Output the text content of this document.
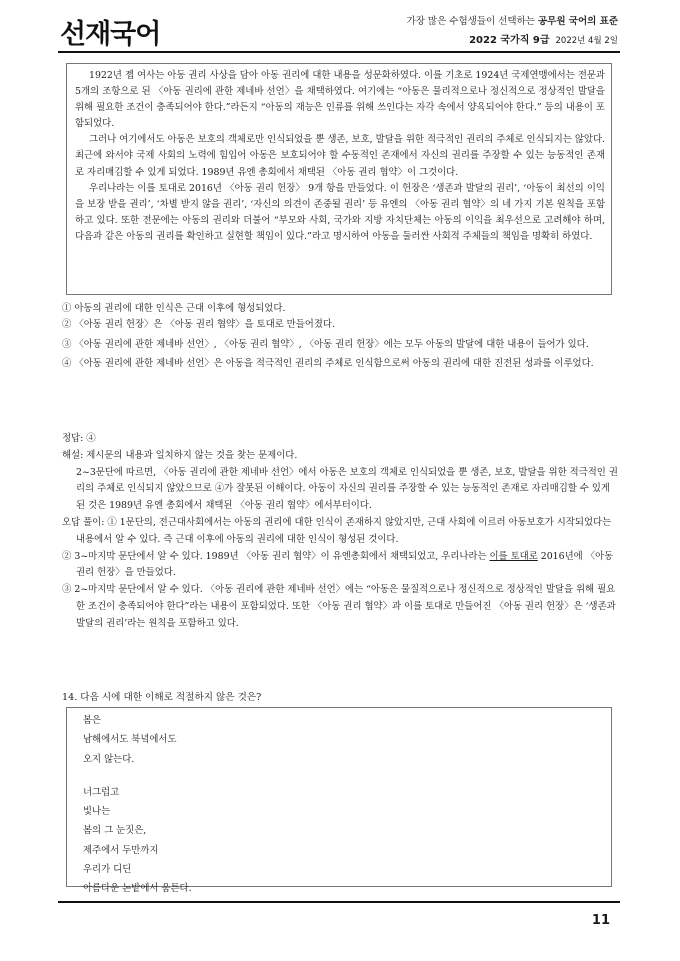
선재국어	가장 많은 수험생들이 선택하는 공무원 국어의 표준
2022 국가직 9급 2022년 4월 2일

1922년 젭 여사는 아동 권리 사상을 담아 아동 권리에 대한 내용을 성문화하였다. 이를 기초로 1924년 국제연맹에서는 전문과 5개의 조항으로 된 〈아동 권리에 관한 제네바 선언〉을 채택하였다. 여기에는 “아동은 물리적으로나 정신적으로 정상적인 발달을 위해 필요한 조건이 충족되어야 한다.”라든지 “아동의 재능은 인류를 위해 쓰인다는 자각 속에서 양육되어야 한다.” 등의 내용이 포함되었다.

그러나 여기에서도 아동은 보호의 객체로만 인식되었을 뿐 생존, 보호, 발달을 위한 적극적인 권리의 주체로 인식되지는 않았다. 최근에 와서야 국제 사회의 노력에 힘입어 아동은 보호되어야 할 수동적인 존재에서 자신의 권리를 주장할 수 있는 능동적인 존재로 자리매김할 수 있게 되었다. 1989년 유엔 총회에서 채택된 〈아동 권리 협약〉이 그것이다.

우리나라는 이를 토대로 2016년 〈아동 권리 헌장〉 9개 항을 만들었다. 이 헌장은 ‘생존과 발달의 권리’, ‘아동이 최선의 이익을 보장 받을 권리’, ‘차별 받지 않을 권리’, ‘자신의 의견이 존중될 권리’ 등 유엔의 〈아동 권리 협약〉의 네 가지 기본 원칙을 포함하고 있다. 또한 전문에는 아동의 권리와 더불어 “부모와 사회, 국가와 지방 자치단체는 아동의 이익을 최우선으로 고려해야 하며, 다음과 같은 아동의 권리를 확인하고 실현할 책임이 있다.”라고 명시하여 아동을 둘러싼 사회적 주체들의 책임을 명확히 하였다.

① 아동의 권리에 대한 인식은 근대 이후에 형성되었다.

② 〈아동 권리 헌장〉은 〈아동 권리 협약〉을 토대로 만들어졌다.

③ 〈아동 권리에 관한 제네바 선언〉, 〈아동 권리 협약〉, 〈아동 권리 헌장〉에는 모두 아동의 발달에 대한 내용이 들어가 있다.

④ 〈아동 권리에 관한 제네바 선언〉은 아동을 적극적인 권리의 주체로 인식함으로써 아동의 권리에 대한 진전된 성과를 이루었다.

정답: ④

해설: 제시문의 내용과 일치하지 않는 것을 찾는 문제이다.

2~3문단에 따르면, 〈아동 권리에 관한 제네바 선언〉에서 아동은 보호의 객체로 인식되었을 뿐 생존, 보호, 발달을 위한 적극적인 권리의 주체로 인식되지 않았으므로 ④가 잘못된 이해이다. 아동이 자신의 권리를 주장할 수 있는 능동적인 존재로 자리매김할 수 있게 된 것은 1989년 유엔 총회에서 채택된 〈아동 권리 협약〉에서부터이다.

오답 풀이: ① 1문단의, 전근대사회에서는 아동의 권리에 대한 인식이 존재하지 않았지만, 근대 사회에 이르러 아동보호가 시작되었다는 내용에서 알 수 있다. 즉 근대 이후에 아동의 권리에 대한 인식이 형성된 것이다.

② 3~마지막 문단에서 알 수 있다. 1989년 〈아동 권리 협약〉이 유엔총회에서 채택되었고, 우리나라는 이를 토대로 2016년에 〈아동 권리 헌장〉을 만들었다.

③ 2~마지막 문단에서 알 수 있다. 〈아동 권리에 관한 제네바 선언〉에는 “아동은 물질적으로나 정신적으로 정상적인 발달을 위해 필요한 조건이 충족되어야 한다”라는 내용이 포함되었다. 또한 〈아동 권리 협약〉과 이를 토대로 만들어진 〈아동 권리 헌장〉은 ‘생존과 발달의 권리’라는 원칙을 포함하고 있다.

14. 다음 시에 대한 이해로 적절하지 않은 것은?

봄은

남해에서도 북녘에서도

오지 않는다.

너그럽고

빛나는

봄의 그 눈짓은,

제주에서 두만까지

우리가 디딘

아름다운 논밭에서 움튼다.

11
